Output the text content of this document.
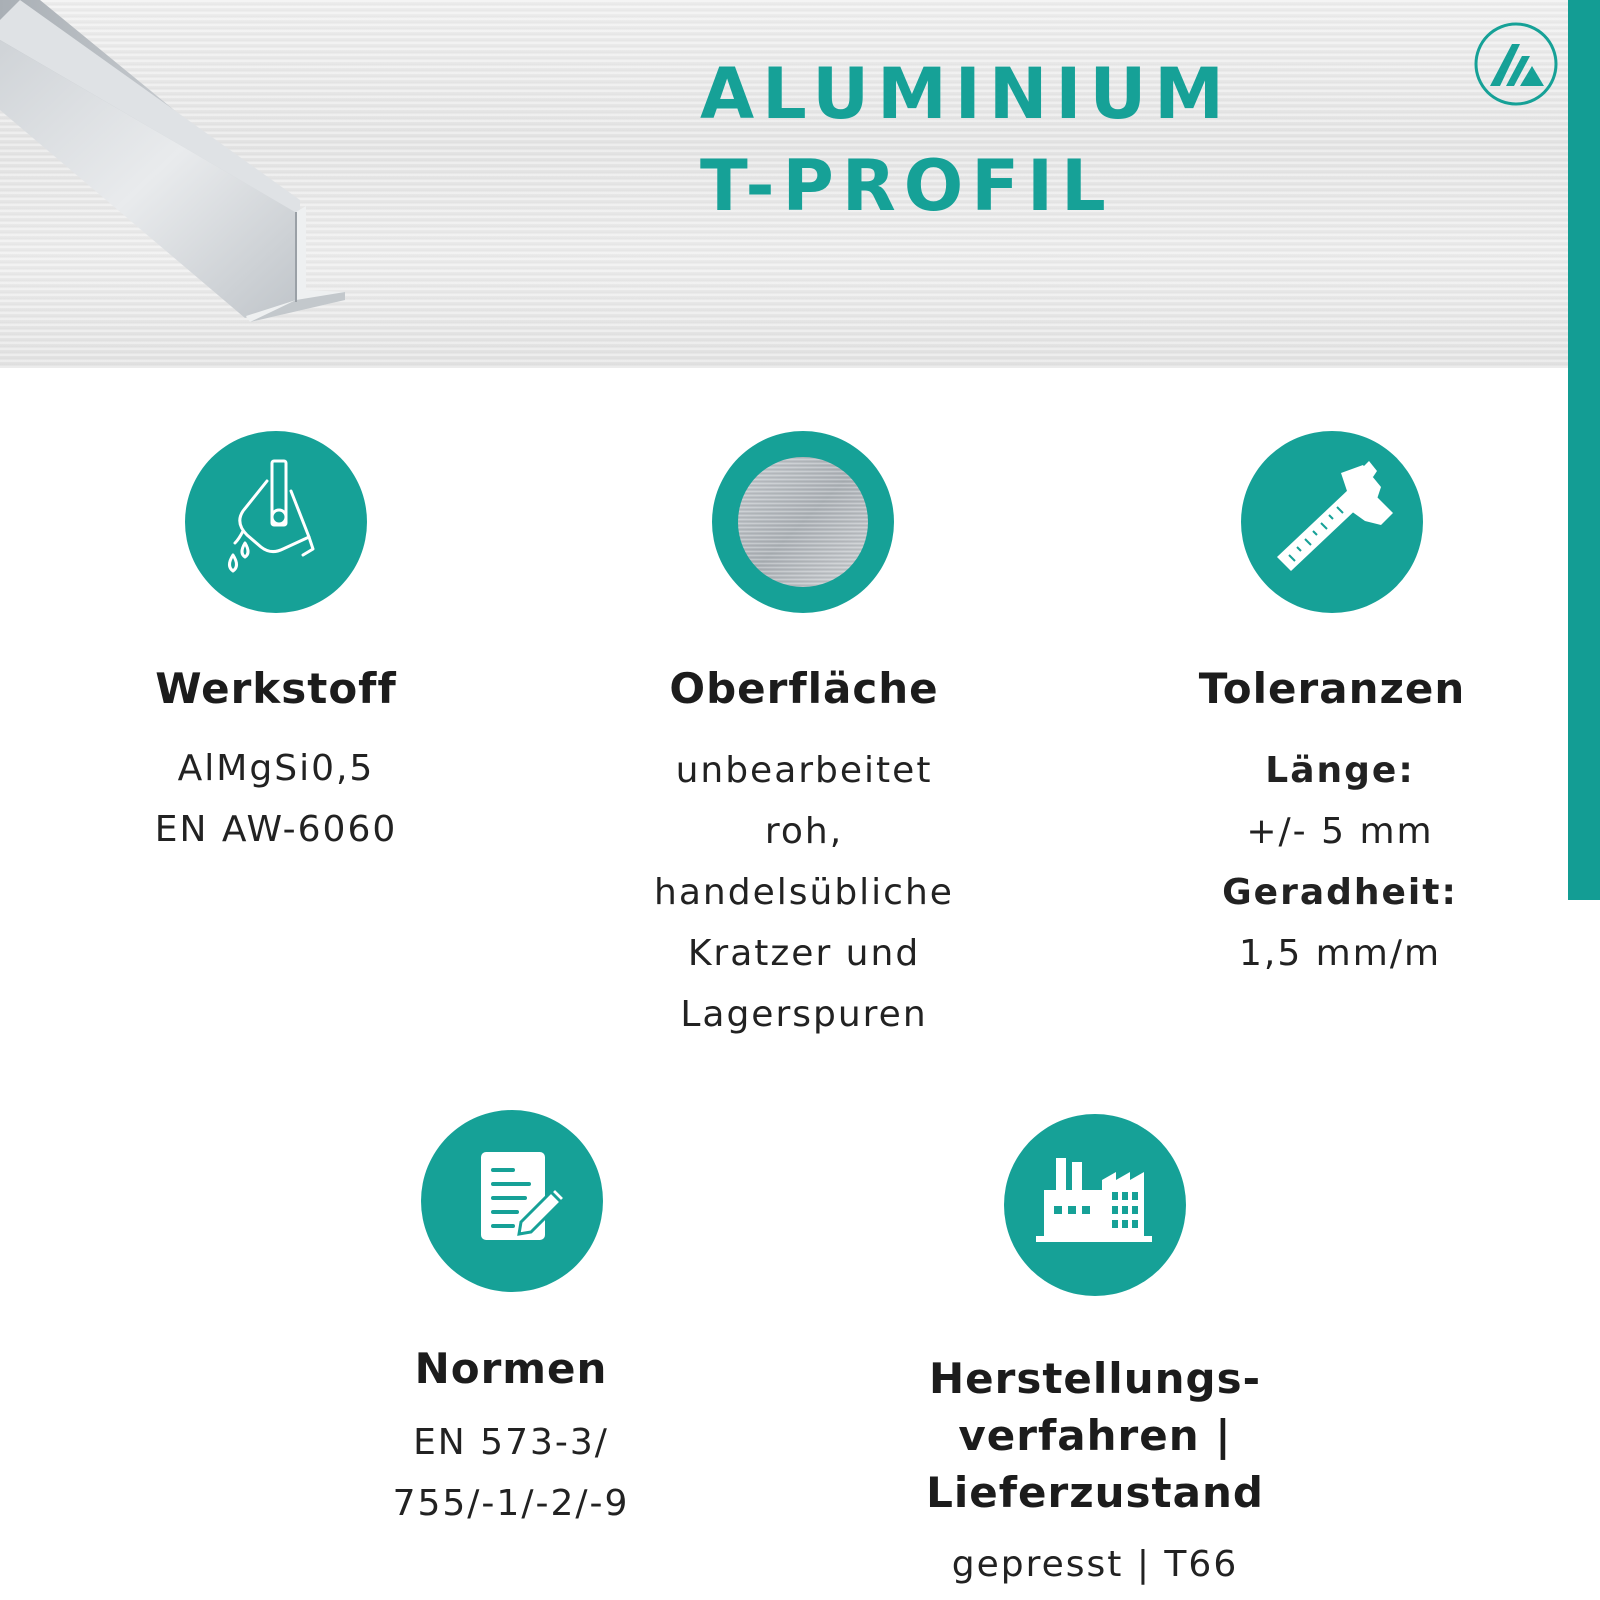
ALUMINIUM
T-PROFIL
Werkstoff
AlMgSi0,5
EN AW-6060
Oberfläche
unbearbeitet
roh,
handelsübliche
Kratzer und
Lagerspuren
Toleranzen
Länge:
+/- 5 mm
Geradheit:
1,5 mm/m
Normen
EN 573-3/
755/-1/-2/-9
Herstellungs-
verfahren |
Lieferzustand
gepresst | T66
